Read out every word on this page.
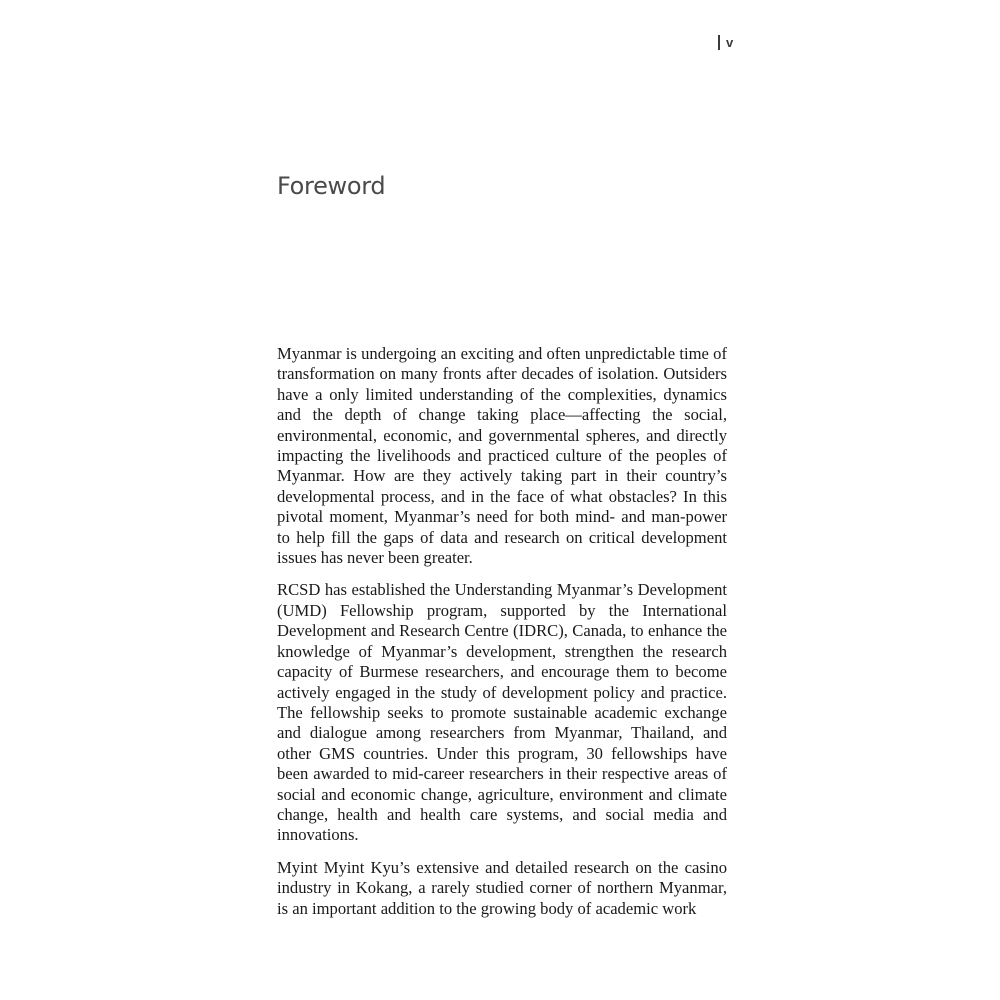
v
Foreword

Myanmar is undergoing an exciting and often unpredictable time of transformation on many fronts after decades of isolation. Outsiders have a only limited understanding of the complexities, dynamics and the depth of change taking place—affecting the social, environmental, economic, and governmental spheres, and directly impacting the livelihoods and practiced culture of the peoples of Myanmar. How are they actively taking part in their country’s developmental process, and in the face of what obstacles? In this pivotal moment, Myanmar’s need for both mind- and man-power to help fill the gaps of data and research on critical development issues has never been greater.

RCSD has established the Understanding Myanmar’s Development (UMD) Fellowship program, supported by the International Development and Research Centre (IDRC), Canada, to enhance the knowledge of Myanmar’s development, strengthen the research capacity of Burmese researchers, and encourage them to become actively engaged in the study of development policy and practice. The fellowship seeks to promote sustainable academic exchange and dialogue among researchers from Myanmar, Thailand, and other GMS countries. Under this program, 30 fellowships have been awarded to mid-career researchers in their respective areas of social and economic change, agriculture, environment and climate change, health and health care systems, and social media and innovations.

Myint Myint Kyu’s extensive and detailed research on the casino industry in Kokang, a rarely studied corner of northern Myanmar, is an important addition to the growing body of academic work
